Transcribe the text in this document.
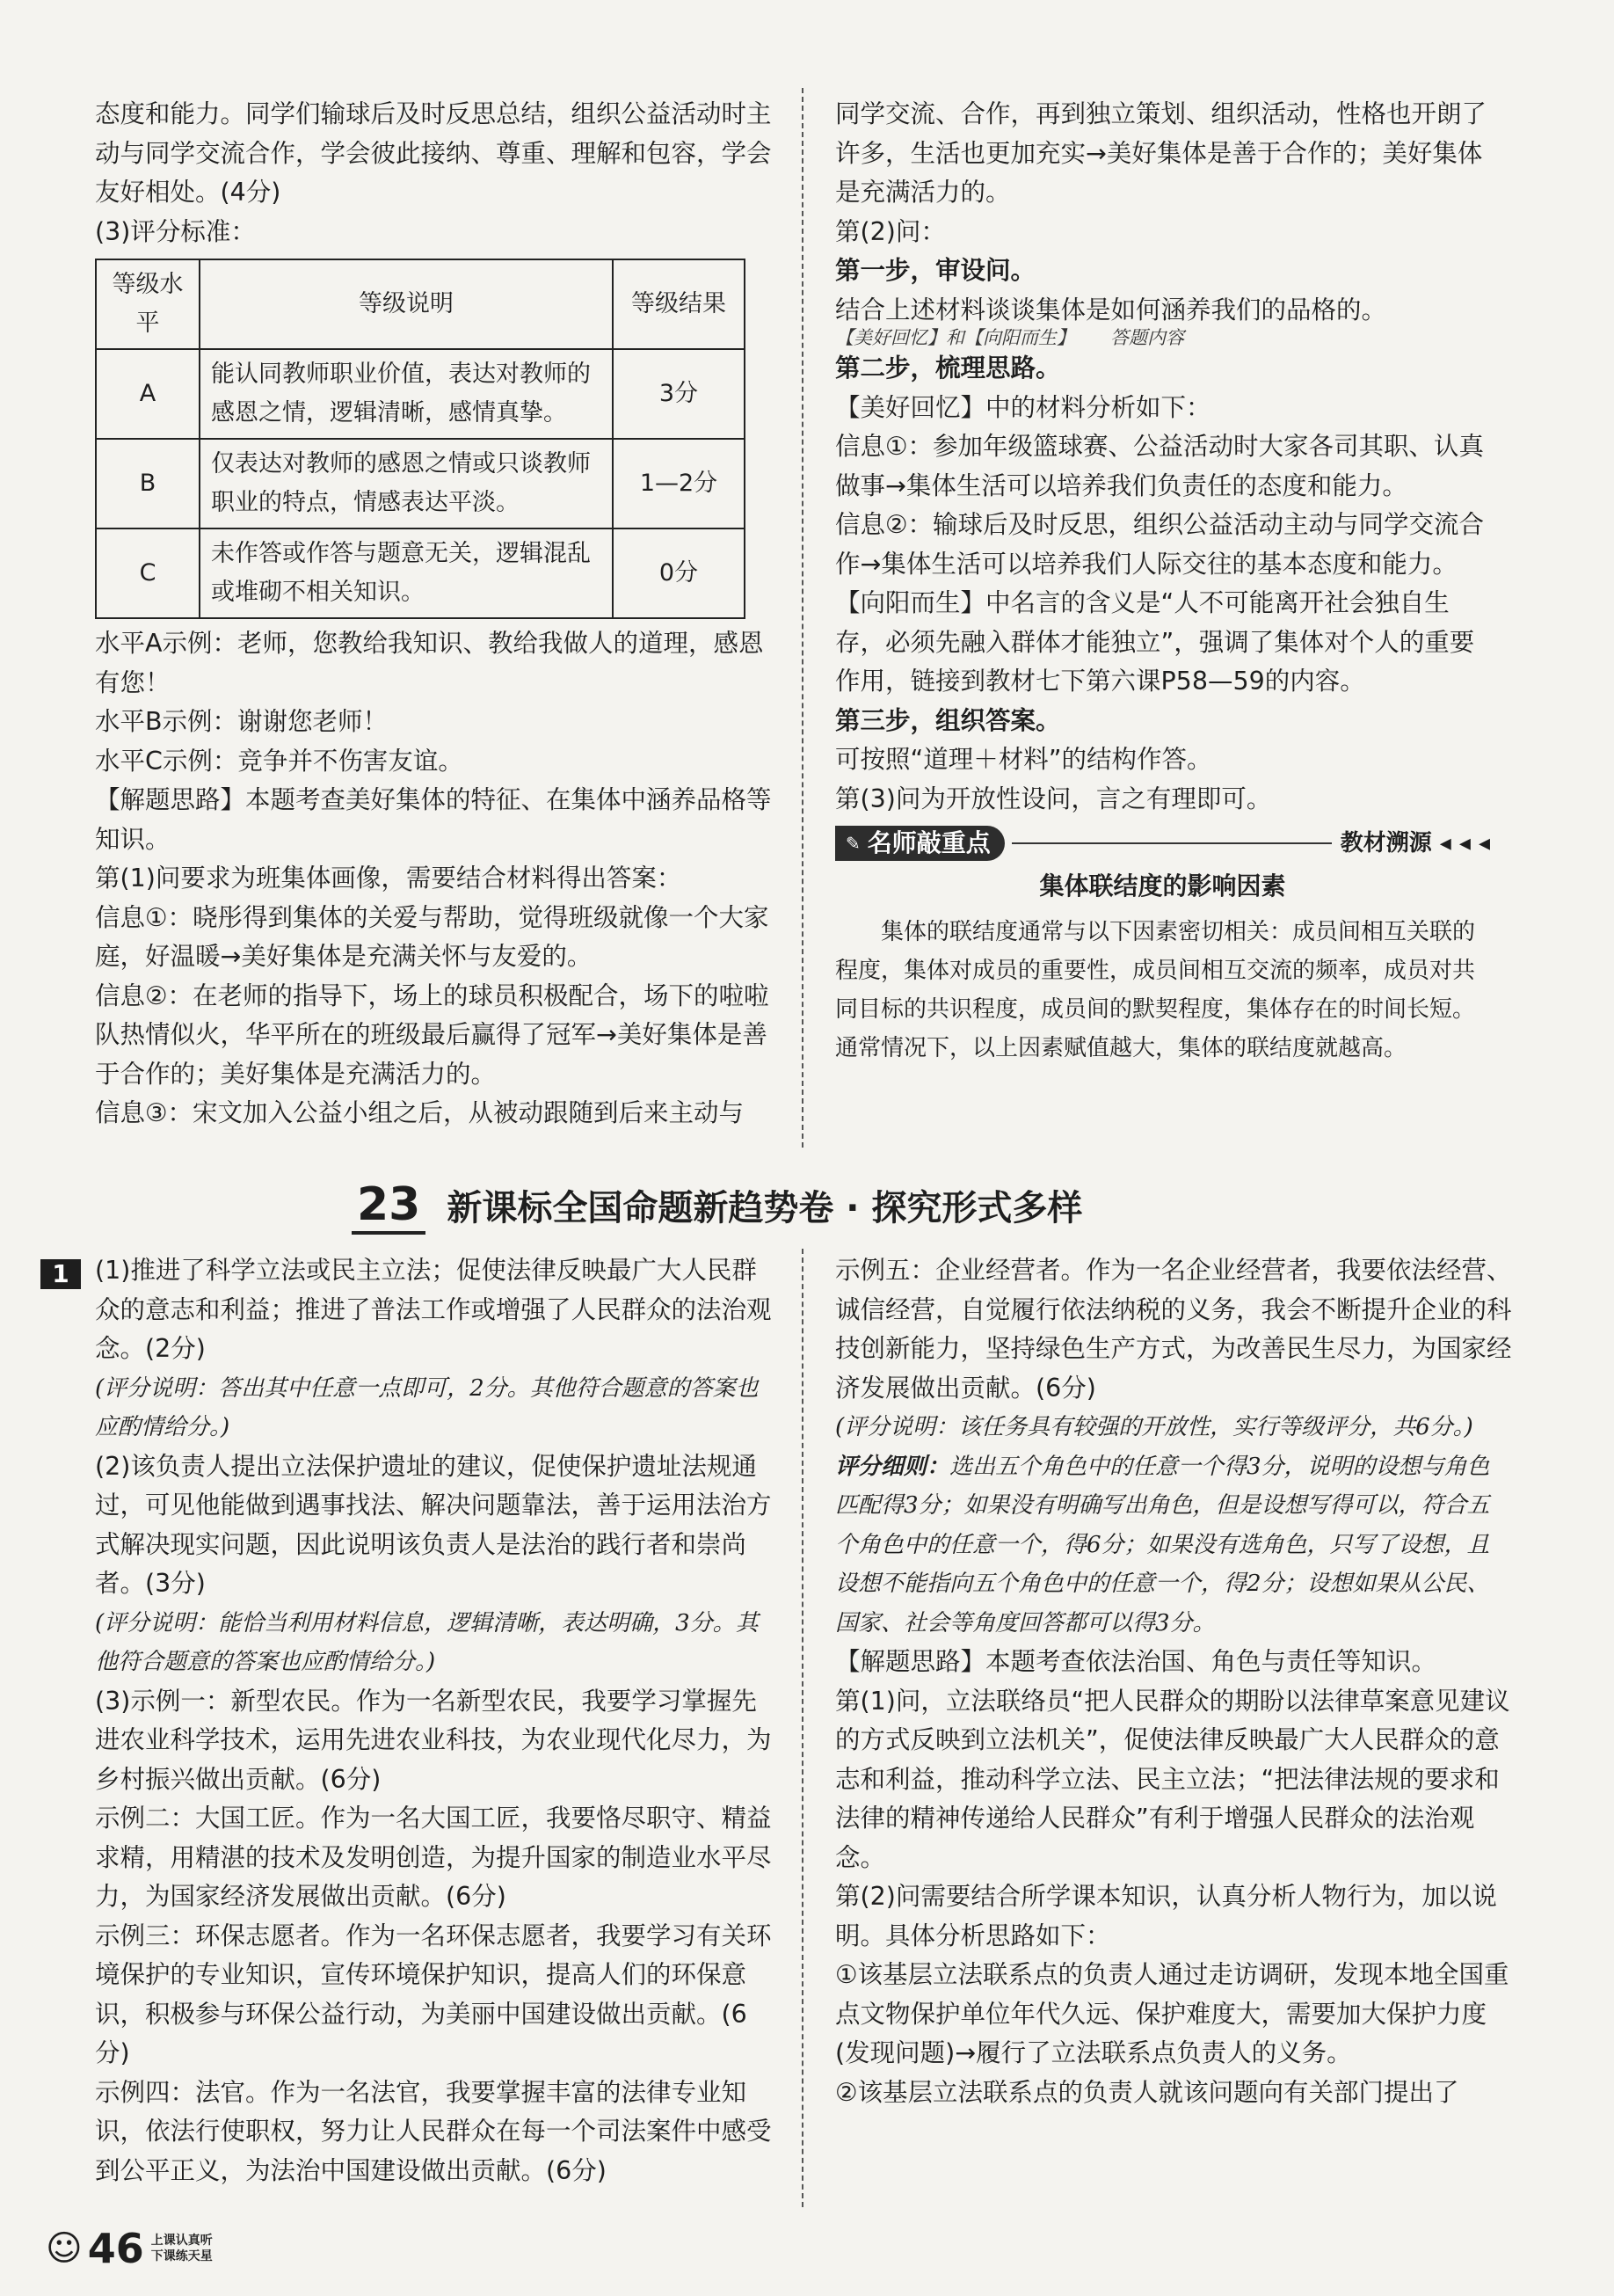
态度和能力。同学们输球后及时反思总结，组织公益活动时主动与同学交流合作，学会彼此接纳、尊重、理解和包容，学会友好相处。(4分)

(3)评分标准：

等级水平	等级说明	等级结果
A	能认同教师职业价值，表达对教师的感恩之情，逻辑清晰，感情真挚。	3分
B	仅表达对教师的感恩之情或只谈教师职业的特点，情感表达平淡。	1—2分
C	未作答或作答与题意无关，逻辑混乱或堆砌不相关知识。	0分

水平A示例：老师，您教给我知识、教给我做人的道理，感恩有您！

水平B示例：谢谢您老师！

水平C示例：竞争并不伤害友谊。

【解题思路】本题考查美好集体的特征、在集体中涵养品格等知识。

第(1)问要求为班集体画像，需要结合材料得出答案：

信息①：晓彤得到集体的关爱与帮助，觉得班级就像一个大家庭，好温暖→美好集体是充满关怀与友爱的。

信息②：在老师的指导下，场上的球员积极配合，场下的啦啦队热情似火，华平所在的班级最后赢得了冠军→美好集体是善于合作的；美好集体是充满活力的。

信息③：宋文加入公益小组之后，从被动跟随到后来主动与

同学交流、合作，再到独立策划、组织活动，性格也开朗了许多，生活也更加充实→美好集体是善于合作的；美好集体是充满活力的。

第(2)问：

第一步，审设问。

结合上述材料谈谈集体是如何涵养我们的品格的。

【美好回忆】和【向阳而生】      答题内容

第二步，梳理思路。

【美好回忆】中的材料分析如下：

信息①：参加年级篮球赛、公益活动时大家各司其职、认真做事→集体生活可以培养我们负责任的态度和能力。

信息②：输球后及时反思，组织公益活动主动与同学交流合作→集体生活可以培养我们人际交往的基本态度和能力。

【向阳而生】中名言的含义是“人不可能离开社会独自生存，必须先融入群体才能独立”，强调了集体对个人的重要作用，链接到教材七下第六课P58—59的内容。

第三步，组织答案。

可按照“道理＋材料”的结构作答。

第(3)问为开放性设问，言之有理即可。

✎ 名师敲重点	教材溯源 ◂ ◂ ◂

集体联结度的影响因素

集体的联结度通常与以下因素密切相关：成员间相互关联的程度，集体对成员的重要性，成员间相互交流的频率，成员对共同目标的共识程度，成员间的默契程度，集体存在的时间长短。通常情况下，以上因素赋值越大，集体的联结度就越高。

23 新课标全国命题新趋势卷 · 探究形式多样
1	(1)推进了科学立法或民主立法；促使法律反映最广大人民群众的意志和利益；推进了普法工作或增强了人民群众的法治观念。(2分)

(评分说明：答出其中任意一点即可，2分。其他符合题意的答案也应酌情给分。)

(2)该负责人提出立法保护遗址的建议，促使保护遗址法规通过，可见他能做到遇事找法、解决问题靠法，善于运用法治方式解决现实问题，因此说明该负责人是法治的践行者和崇尚者。(3分)

(评分说明：能恰当利用材料信息，逻辑清晰，表达明确，3分。其他符合题意的答案也应酌情给分。)

(3)示例一：新型农民。作为一名新型农民，我要学习掌握先进农业科学技术，运用先进农业科技，为农业现代化尽力，为乡村振兴做出贡献。(6分)

示例二：大国工匠。作为一名大国工匠，我要恪尽职守、精益求精，用精湛的技术及发明创造，为提升国家的制造业水平尽力，为国家经济发展做出贡献。(6分)

示例三：环保志愿者。作为一名环保志愿者，我要学习有关环境保护的专业知识，宣传环境保护知识，提高人们的环保意识，积极参与环保公益行动，为美丽中国建设做出贡献。(6分)

示例四：法官。作为一名法官，我要掌握丰富的法律专业知识，依法行使职权，努力让人民群众在每一个司法案件中感受到公平正义，为法治中国建设做出贡献。(6分)

示例五：企业经营者。作为一名企业经营者，我要依法经营、诚信经营，自觉履行依法纳税的义务，我会不断提升企业的科技创新能力，坚持绿色生产方式，为改善民生尽力，为国家经济发展做出贡献。(6分)

(评分说明：该任务具有较强的开放性，实行等级评分，共6分。)

评分细则：选出五个角色中的任意一个得3分，说明的设想与角色匹配得3分；如果没有明确写出角色，但是设想写得可以，符合五个角色中的任意一个，得6分；如果没有选角色，只写了设想，且设想不能指向五个角色中的任意一个，得2分；设想如果从公民、国家、社会等角度回答都可以得3分。

【解题思路】本题考查依法治国、角色与责任等知识。

第(1)问，立法联络员“把人民群众的期盼以法律草案意见建议的方式反映到立法机关”，促使法律反映最广大人民群众的意志和利益，推动科学立法、民主立法；“把法律法规的要求和法律的精神传递给人民群众”有利于增强人民群众的法治观念。

第(2)问需要结合所学课本知识，认真分析人物行为，加以说明。具体分析思路如下：

①该基层立法联系点的负责人通过走访调研，发现本地全国重点文物保护单位年代久远、保护难度大，需要加大保护力度(发现问题)→履行了立法联系点负责人的义务。

②该基层立法联系点的负责人就该问题向有关部门提出了

☺ 46 上课认真听
下课练天星
